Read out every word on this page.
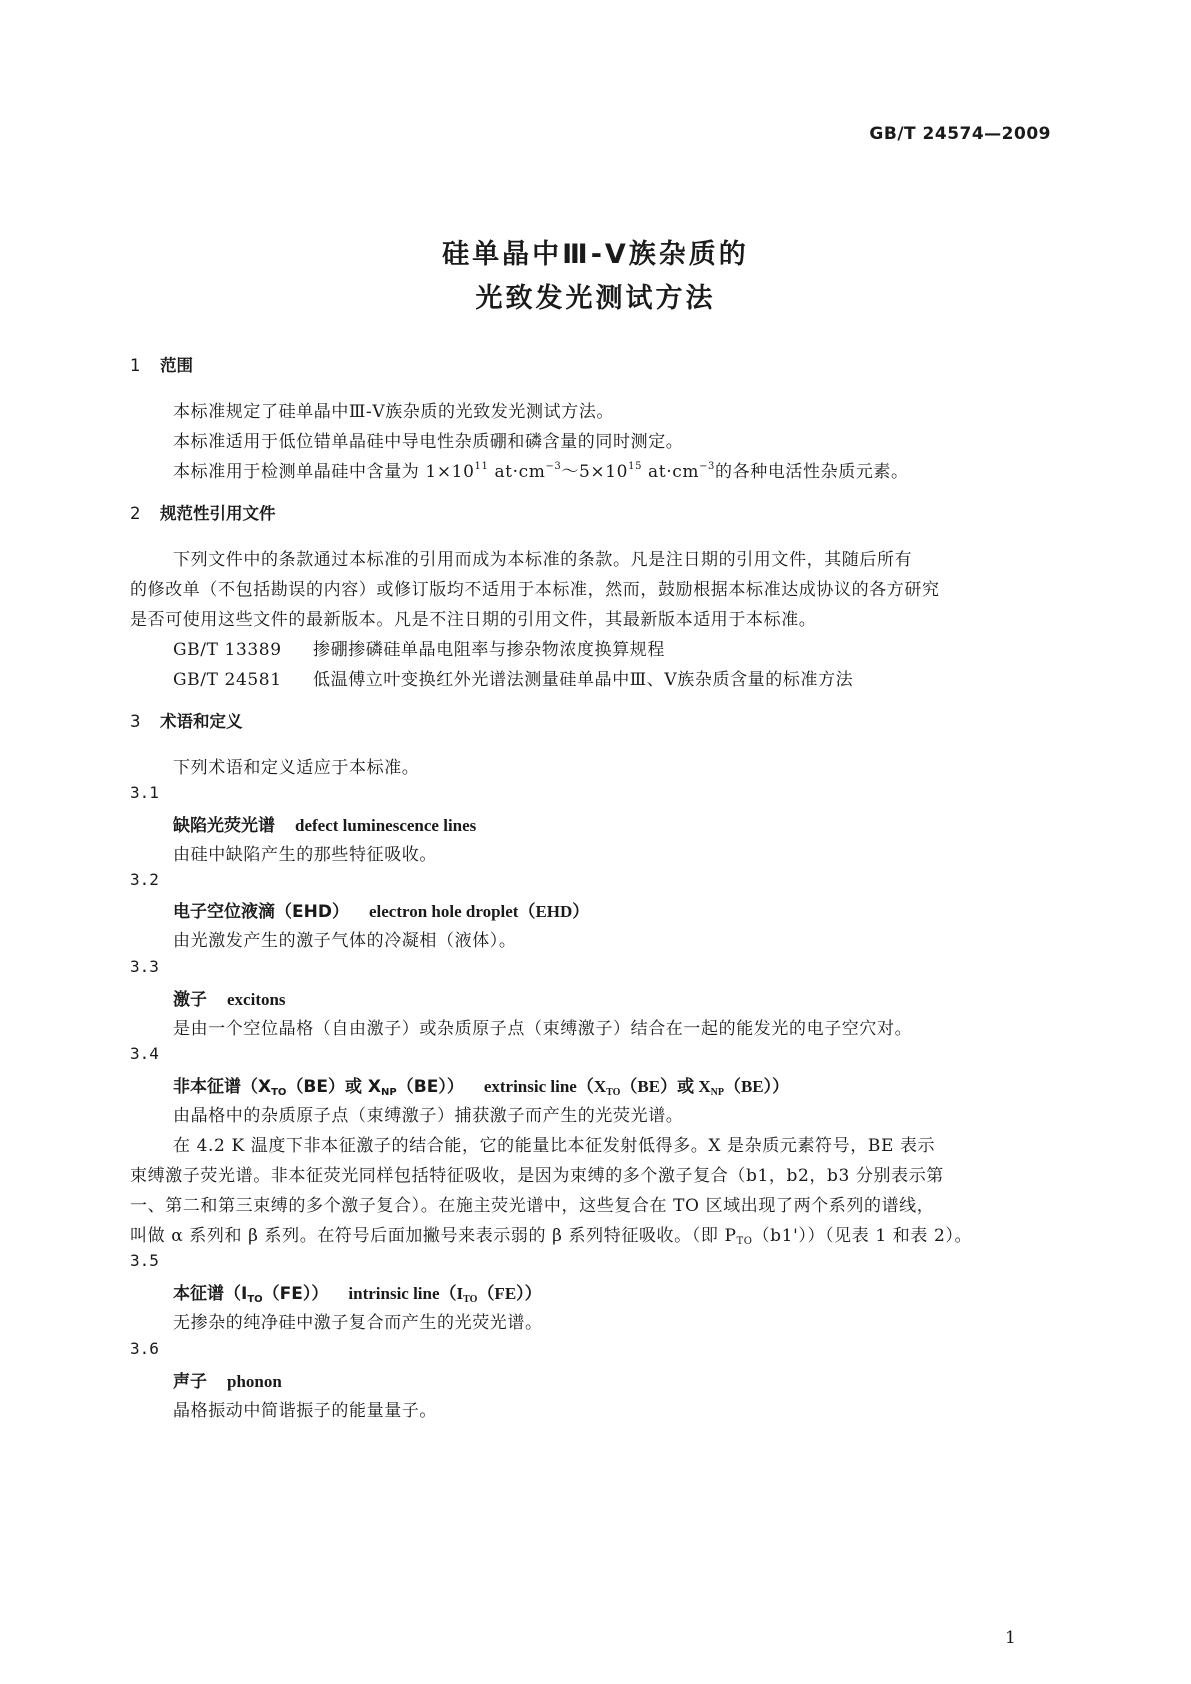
GB/T 24574—2009
硅单晶中Ⅲ-Ⅴ族杂质的
光致发光测试方法
1 范围
本标准规定了硅单晶中Ⅲ-Ⅴ族杂质的光致发光测试方法。
本标准适用于低位错单晶硅中导电性杂质硼和磷含量的同时测定。
本标准用于检测单晶硅中含量为 $1\times 10^{11}$ $at\cdot cm^{-3}\sim 5\times 10^{15}$ $at\cdot cm^{-3}$的各种电活性杂质元素。
2 规范性引用文件
下列文件中的条款通过本标准的引用而成为本标准的条款。凡是注日期的引用文件，其随后所有
的修改单（不包括勘误的内容）或修订版均不适用于本标准，然而，鼓励根据本标准达成协议的各方研究
是否可使用这些文件的最新版本。凡是不注日期的引用文件，其最新版本适用于本标准。
GB/T 13389 掺硼掺磷硅单晶电阻率与掺杂物浓度换算规程
GB/T 24581 低温傅立叶变换红外光谱法测量硅单晶中Ⅲ、Ⅴ族杂质含量的标准方法
3 术语和定义
下列术语和定义适应于本标准。
3.1
缺陷光荧光谱 defect luminescence lines
由硅中缺陷产生的那些特征吸收。
3.2
电子空位液滴（EHD） electron hole droplet（EHD）
由光激发产生的激子气体的冷凝相（液体）。
3.3
激子 excitons
是由一个空位晶格（自由激子）或杂质原子点（束缚激子）结合在一起的能发光的电子空穴对。
3.4
非本征谱（XTO（BE）或 XNP（BE）） extrinsic line（XTO（BE）或 XNP（BE））
由晶格中的杂质原子点（束缚激子）捕获激子而产生的光荧光谱。
在 4.2 K 温度下非本征激子的结合能，它的能量比本征发射低得多。X 是杂质元素符号，BE 表示
束缚激子荧光谱。非本征荧光同样包括特征吸收，是因为束缚的多个激子复合（b1，b2，b3 分别表示第
一、第二和第三束缚的多个激子复合）。在施主荧光谱中，这些复合在 TO 区域出现了两个系列的谱线，
叫做 α 系列和 β 系列。在符号后面加撇号来表示弱的 β 系列特征吸收。（即 PTO（b1'））（见表 1 和表 2）。
3.5
本征谱（ITO（FE）） intrinsic line（ITO（FE））
无掺杂的纯净硅中激子复合而产生的光荧光谱。
3.6
声子 phonon
晶格振动中简谐振子的能量量子。
1
